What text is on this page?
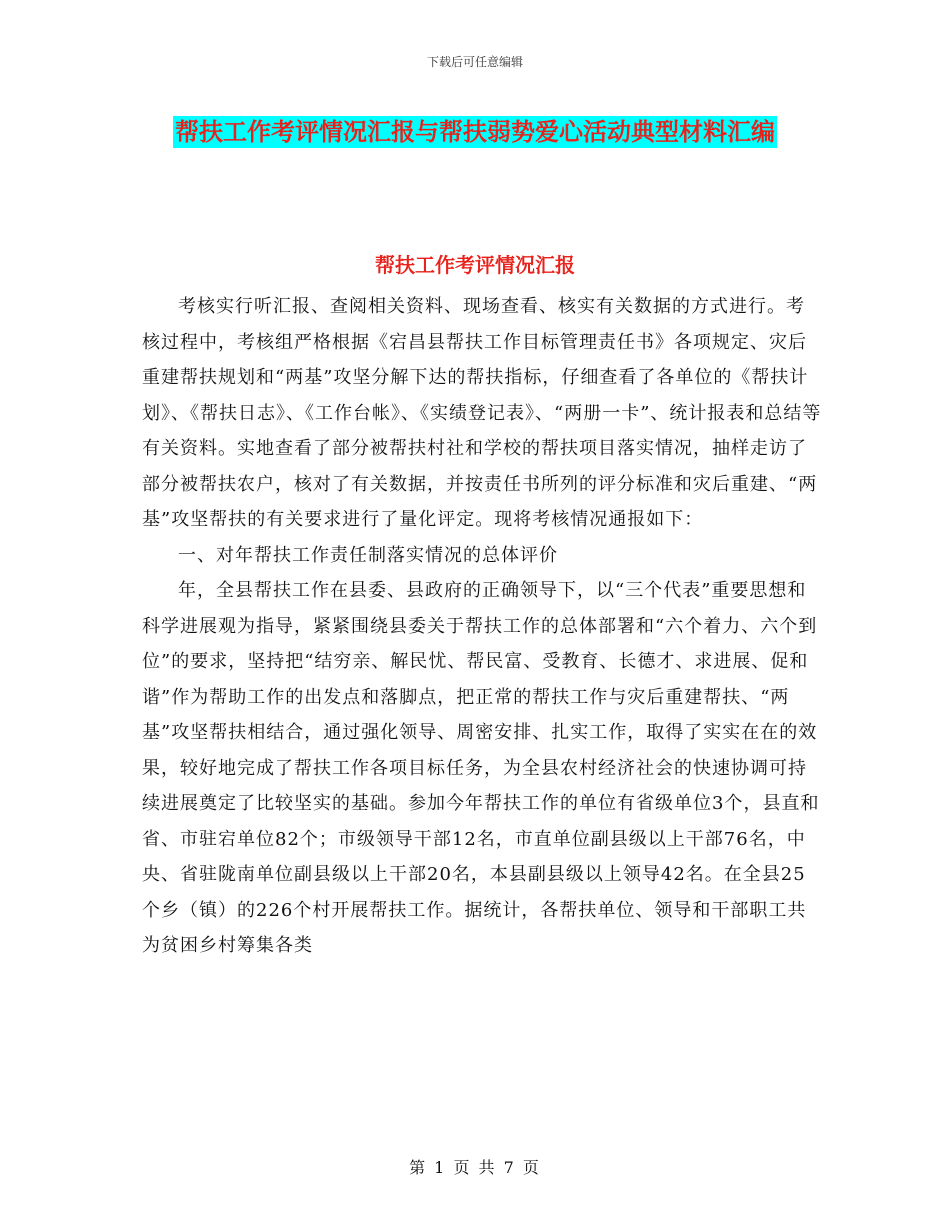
下载后可任意编辑
帮扶工作考评情况汇报与帮扶弱势爱心活动典型材料汇编
帮扶工作考评情况汇报

考核实行听汇报、查阅相关资料、现场查看、核实有关数据的方式进行。考核过程中，考核组严格根据《宕昌县帮扶工作目标管理责任书》各项规定、灾后重建帮扶规划和“两基”攻坚分解下达的帮扶指标，仔细查看了各单位的《帮扶计划》、《帮扶日志》、《工作台帐》、《实绩登记表》、“两册一卡”、统计报表和总结等有关资料。实地查看了部分被帮扶村社和学校的帮扶项目落实情况，抽样走访了部分被帮扶农户，核对了有关数据，并按责任书所列的评分标准和灾后重建、“两基”攻坚帮扶的有关要求进行了量化评定。现将考核情况通报如下：

一、对年帮扶工作责任制落实情况的总体评价

年，全县帮扶工作在县委、县政府的正确领导下，以“三个代表”重要思想和科学进展观为指导，紧紧围绕县委关于帮扶工作的总体部署和“六个着力、六个到位”的要求，坚持把“结穷亲、解民忧、帮民富、受教育、长德才、求进展、促和谐”作为帮助工作的出发点和落脚点，把正常的帮扶工作与灾后重建帮扶、“两基”攻坚帮扶相结合，通过强化领导、周密安排、扎实工作，取得了实实在在的效果，较好地完成了帮扶工作各项目标任务，为全县农村经济社会的快速协调可持续进展奠定了比较坚实的基础。参加今年帮扶工作的单位有省级单位3个，县直和省、市驻宕单位82个；市级领导干部12名，市直单位副县级以上干部76名，中央、省驻陇南单位副县级以上干部20名，本县副县级以上领导42名。在全县25个乡（镇）的226个村开展帮扶工作。据统计，各帮扶单位、领导和干部职工共为贫困乡村筹集各类

第 1 页 共 7 页
